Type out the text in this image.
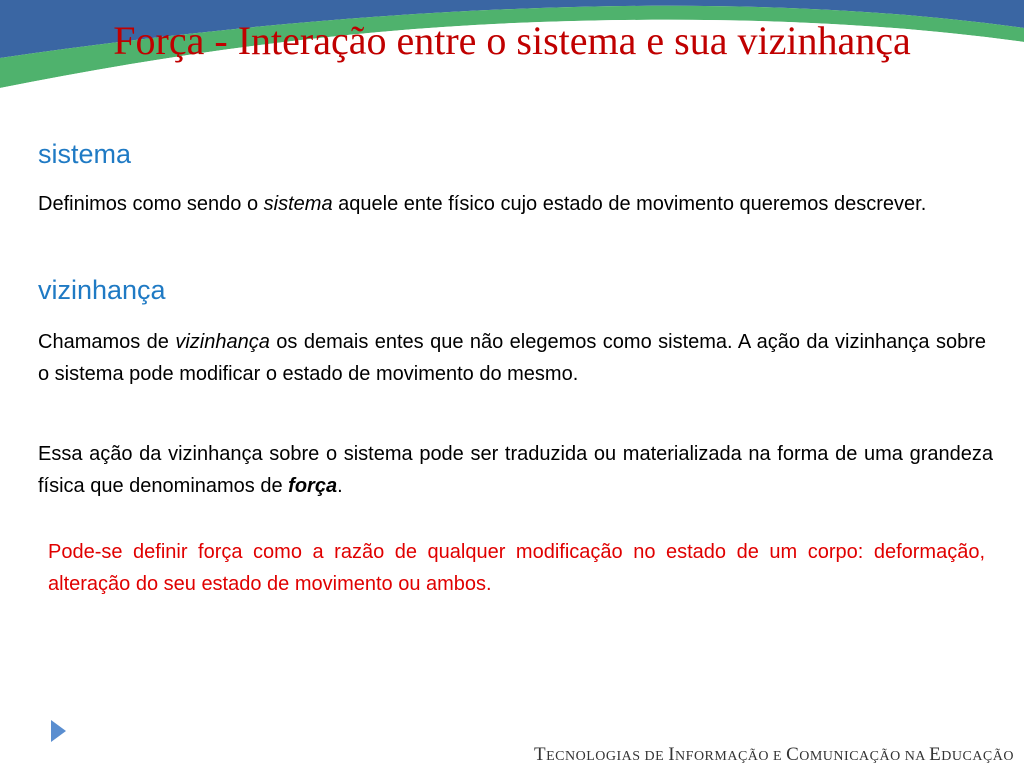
Força - Interação entre o sistema e sua vizinhança
sistema

Definimos como sendo o sistema aquele ente físico cujo estado de movimento queremos descrever.

vizinhança

Chamamos de vizinhança os demais entes que não elegemos como sistema. A ação da vizinhança sobre o sistema pode modificar o estado de movimento do mesmo.

Essa ação da vizinhança sobre o sistema pode ser traduzida ou materializada na forma de uma grandeza física que denominamos de força.

Pode-se definir força como a razão de qualquer modificação no estado de um corpo: deformação, alteração do seu estado de movimento ou ambos.

TECNOLOGIAS DE INFORMAÇÃO E COMUNICAÇÃO NA EDUCAÇÃO
